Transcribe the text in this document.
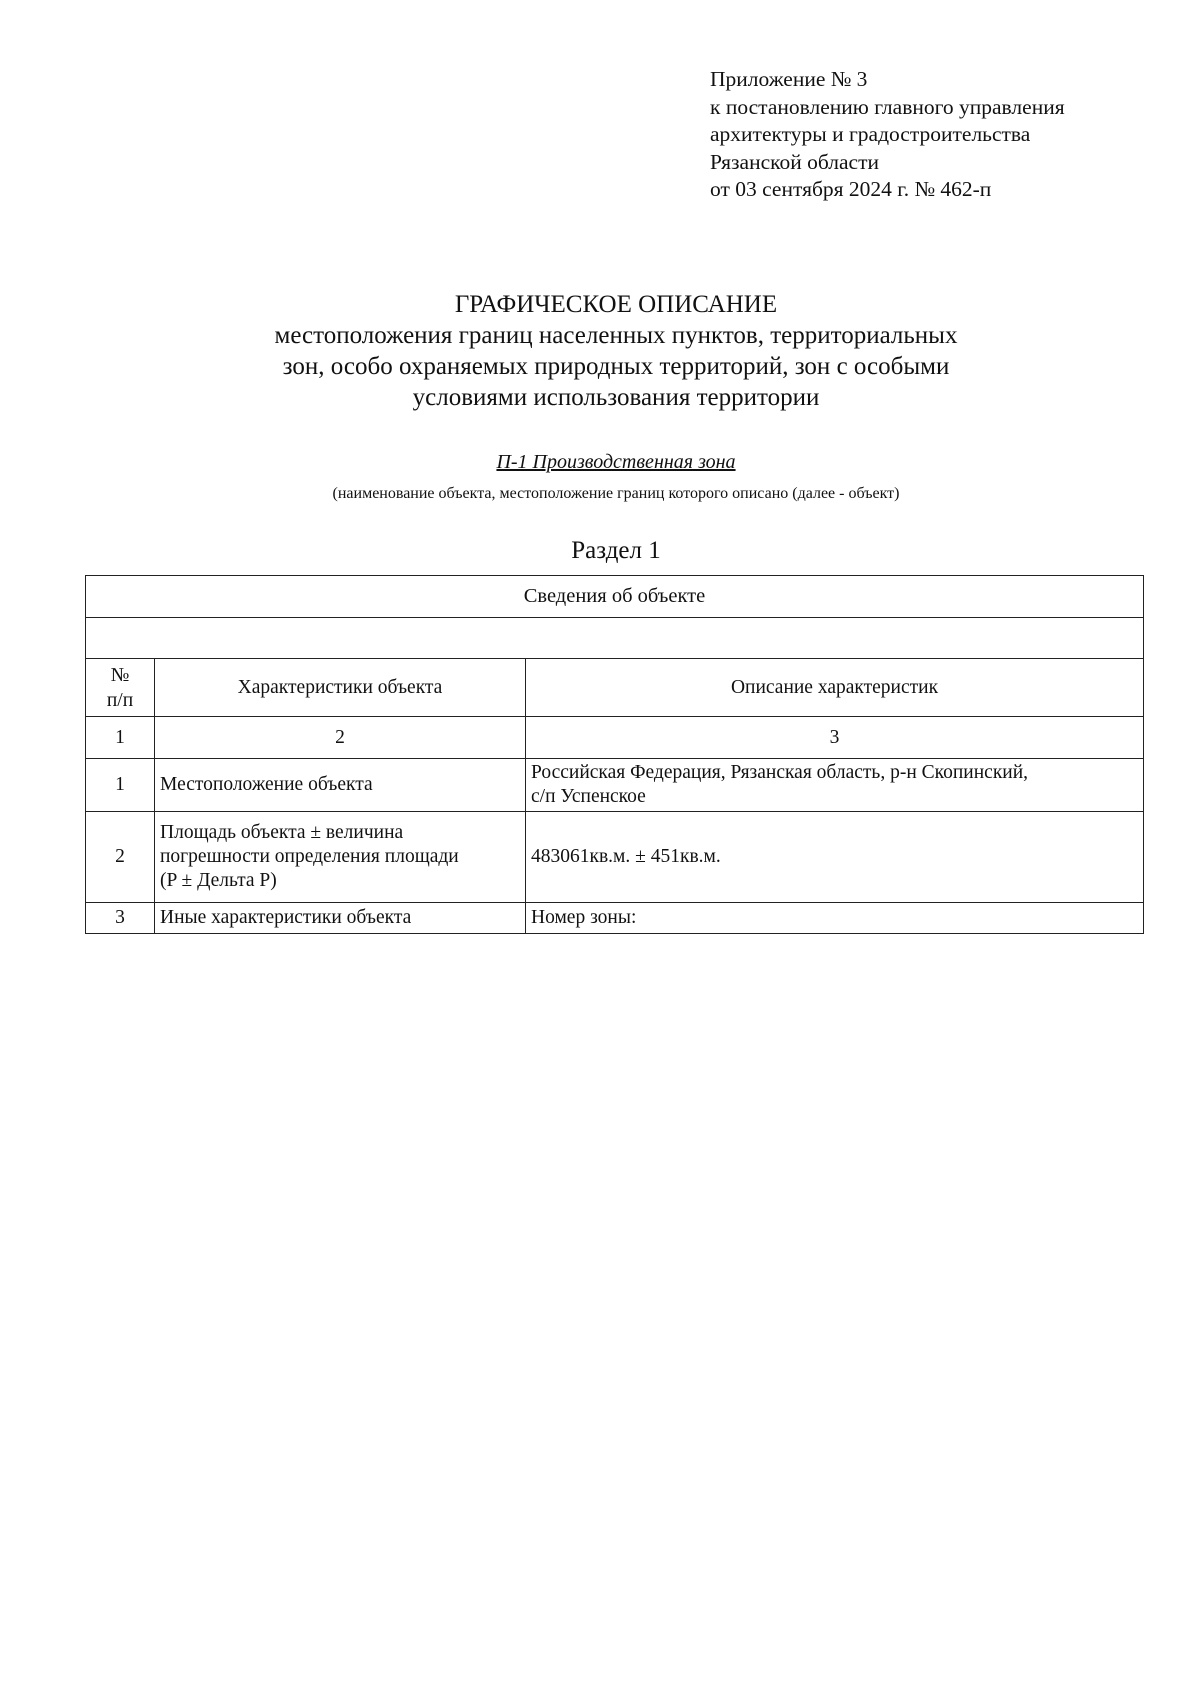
Приложение № 3
к постановлению главного управления
архитектуры и градостроительства
Рязанской области
от 03 сентября 2024 г. № 462-п
ГРАФИЧЕСКОЕ ОПИСАНИЕ
местоположения границ населенных пунктов, территориальных
зон, особо охраняемых природных территорий, зон с особыми
условиями использования территории
П-1 Производственная зона
(наименование объекта, местоположение границ которого описано (далее - объект)
Раздел 1
Сведения об объекте		

№
п/п	Характеристики объекта	Описание характеристик
1	2	3
1	Местоположение объекта	Российская Федерация, Рязанская область, р-н Скопинский,
с/п Успенское

2	Площадь объекта ± величина
погрешности определения площади
(P ± Дельта P)	483061кв.м. ± 451кв.м.

3	Иные характеристики объекта	Номер зоны:
